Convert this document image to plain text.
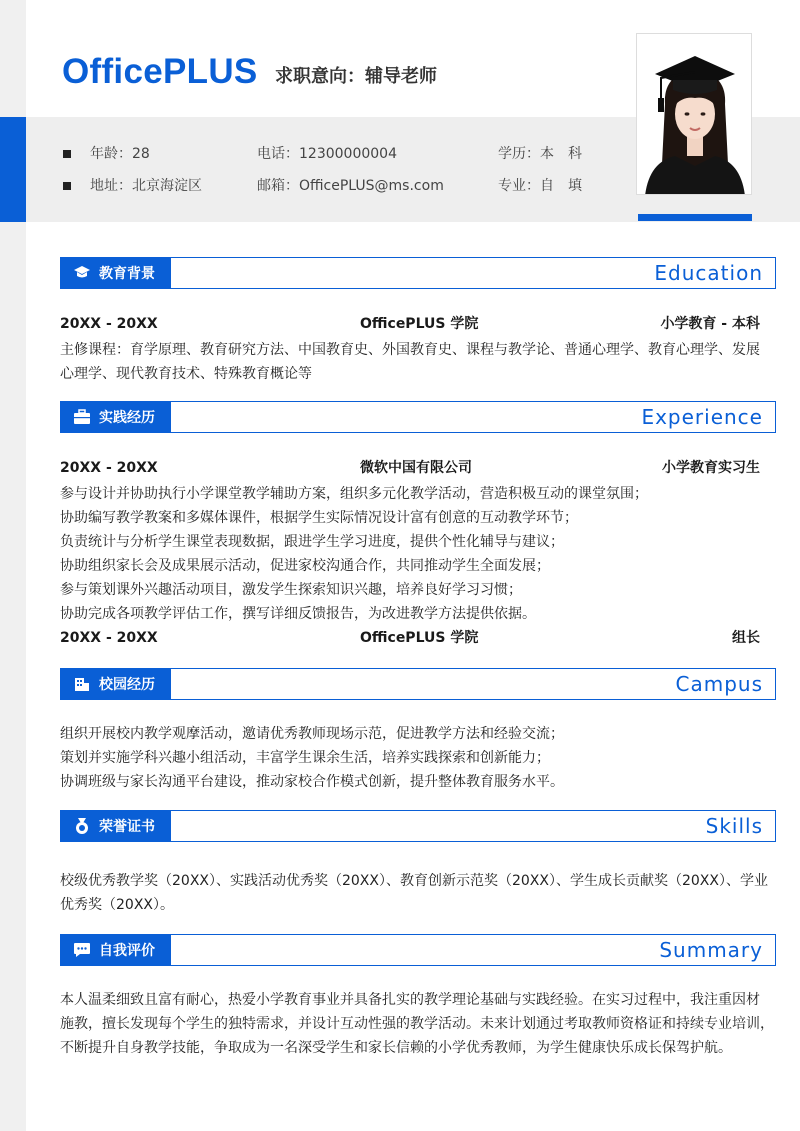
OfficePLUS 求职意向：辅导老师
年龄：28	电话：12300000004	学历：本　科
地址：北京海淀区	邮箱：OfficePLUS@ms.com	专业：自　填
教育背景	Education
20XX - 20XX	OfficePLUS 学院	小学教育 - 本科
主修课程：育学原理、教育研究方法、中国教育史、外国教育史、课程与教学论、普通心理学、教育心理学、发展
心理学、现代教育技术、特殊教育概论等
实践经历	Experience
20XX - 20XX	微软中国有限公司	小学教育实习生
参与设计并协助执行小学课堂教学辅助方案，组织多元化教学活动，营造积极互动的课堂氛围；
协助编写教学教案和多媒体课件，根据学生实际情况设计富有创意的互动教学环节；
负责统计与分析学生课堂表现数据，跟进学生学习进度，提供个性化辅导与建议；
协助组织家长会及成果展示活动，促进家校沟通合作，共同推动学生全面发展；
参与策划课外兴趣活动项目，激发学生探索知识兴趣，培养良好学习习惯；
协助完成各项教学评估工作，撰写详细反馈报告，为改进教学方法提供依据。
20XX - 20XX	OfficePLUS 学院	组长
校园经历	Campus
组织开展校内教学观摩活动，邀请优秀教师现场示范，促进教学方法和经验交流；
策划并实施学科兴趣小组活动，丰富学生课余生活，培养实践探索和创新能力；
协调班级与家长沟通平台建设，推动家校合作模式创新，提升整体教育服务水平。
荣誉证书	Skills
校级优秀教学奖（20XX）、实践活动优秀奖（20XX）、教育创新示范奖（20XX）、学生成长贡献奖（20XX）、学业
优秀奖（20XX）。
自我评价	Summary
本人温柔细致且富有耐心，热爱小学教育事业并具备扎实的教学理论基础与实践经验。在实习过程中，我注重因材
施教，擅长发现每个学生的独特需求，并设计互动性强的教学活动。未来计划通过考取教师资格证和持续专业培训，
不断提升自身教学技能，争取成为一名深受学生和家长信赖的小学优秀教师，为学生健康快乐成长保驾护航。
